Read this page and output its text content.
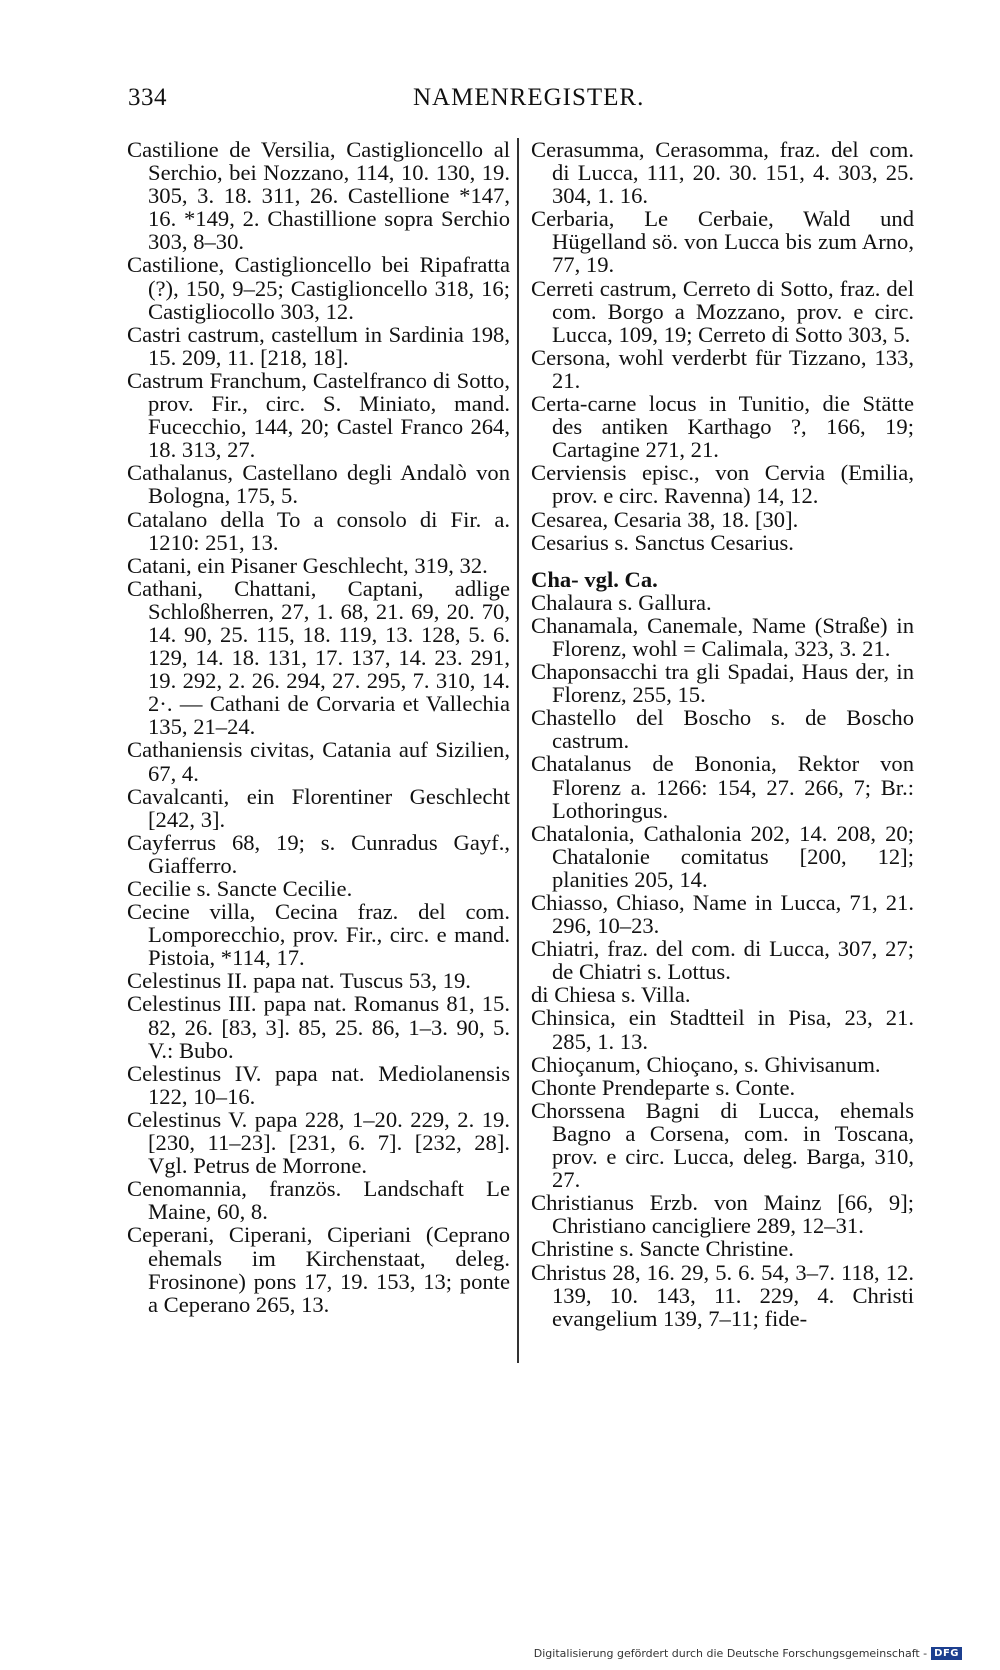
334	NAMENREGISTER.

Castilione de Versilia, Castiglioncello al Serchio, bei Nozzano, 114, 10. 130, 19. 305, 3. 18. 311, 26. Castellione *147, 16. *149, 2. Chastillione sopra Serchio 303, 8–30.

Castilione, Castiglioncello bei Ripafratta (?), 150, 9–25; Castiglioncello 318, 16; Castigliocollo 303, 12.

Castri castrum, castellum in Sardinia 198, 15. 209, 11. [218, 18].

Castrum Franchum, Castelfranco di Sotto, prov. Fir., circ. S. Miniato, mand. Fucecchio, 144, 20; Castel Franco 264, 18. 313, 27.

Cathalanus, Castellano degli Andalò von Bologna, 175, 5.

Catalano della To a consolo di Fir. a. 1210: 251, 13.

Catani, ein Pisaner Geschlecht, 319, 32.

Cathani, Chattani, Captani, adlige Schloßherren, 27, 1. 68, 21. 69, 20. 70, 14. 90, 25. 115, 18. 119, 13. 128, 5. 6. 129, 14. 18. 131, 17. 137, 14. 23. 291, 19. 292, 2. 26. 294, 27. 295, 7. 310, 14. 2·. — Cathani de Corvaria et Vallechia 135, 21–24.

Cathaniensis civitas, Catania auf Sizilien, 67, 4.

Cavalcanti, ein Florentiner Geschlecht [242, 3].

Cayferrus 68, 19; s. Cunradus Gayf., Giafferro.

Cecilie s. Sancte Cecilie.

Cecine villa, Cecina fraz. del com. Lomporecchio, prov. Fir., circ. e mand. Pistoia, *114, 17.

Celestinus II. papa nat. Tuscus 53, 19.

Celestinus III. papa nat. Romanus 81, 15. 82, 26. [83, 3]. 85, 25. 86, 1–3. 90, 5. V.: Bubo.

Celestinus IV. papa nat. Mediolanensis 122, 10–16.

Celestinus V. papa 228, 1–20. 229, 2. 19. [230, 11–23]. [231, 6. 7]. [232, 28]. Vgl. Petrus de Morrone.

Cenomannia, französ. Landschaft Le Maine, 60, 8.

Ceperani, Ciperani, Ciperiani (Ceprano ehemals im Kirchenstaat, deleg. Frosinone) pons 17, 19. 153, 13; ponte a Ceperano 265, 13.

Cerasumma, Cerasomma, fraz. del com. di Lucca, 111, 20. 30. 151, 4. 303, 25. 304, 1. 16.

Cerbaria, Le Cerbaie, Wald und Hügelland sö. von Lucca bis zum Arno, 77, 19.

Cerreti castrum, Cerreto di Sotto, fraz. del com. Borgo a Mozzano, prov. e circ. Lucca, 109, 19; Cerreto di Sotto 303, 5.

Cersona, wohl verderbt für Tizzano, 133, 21.

Certa-carne locus in Tunitio, die Stätte des antiken Karthago ?, 166, 19; Cartagine 271, 21.

Cerviensis episc., von Cervia (Emilia, prov. e circ. Ravenna) 14, 12.

Cesarea, Cesaria 38, 18. [30].

Cesarius s. Sanctus Cesarius.

Cha- vgl. Ca.

Chalaura s. Gallura.

Chanamala, Canemale, Name (Straße) in Florenz, wohl = Calimala, 323, 3. 21.

Chaponsacchi tra gli Spadai, Haus der, in Florenz, 255, 15.

Chastello del Boscho s. de Boscho castrum.

Chatalanus de Bononia, Rektor von Florenz a. 1266: 154, 27. 266, 7; Br.: Lothoringus.

Chatalonia, Cathalonia 202, 14. 208, 20; Chatalonie comitatus [200, 12]; planities 205, 14.

Chiasso, Chiaso, Name in Lucca, 71, 21. 296, 10–23.

Chiatri, fraz. del com. di Lucca, 307, 27; de Chiatri s. Lottus.

di Chiesa s. Villa.

Chinsica, ein Stadtteil in Pisa, 23, 21. 285, 1. 13.

Chioçanum, Chioçano, s. Ghivisanum.

Chonte Prendeparte s. Conte.

Chorssena Bagni di Lucca, ehemals Bagno a Corsena, com. in Toscana, prov. e circ. Lucca, deleg. Barga, 310, 27.

Christianus Erzb. von Mainz [66, 9]; Christiano cancigliere 289, 12–31.

Christine s. Sancte Christine.

Christus 28, 16. 29, 5. 6. 54, 3–7. 118, 12. 139, 10. 143, 11. 229, 4. Christi evangelium 139, 7–11; fide-

Digitalisierung gefördert durch die Deutsche Forschungsgemeinschaft - DFG
